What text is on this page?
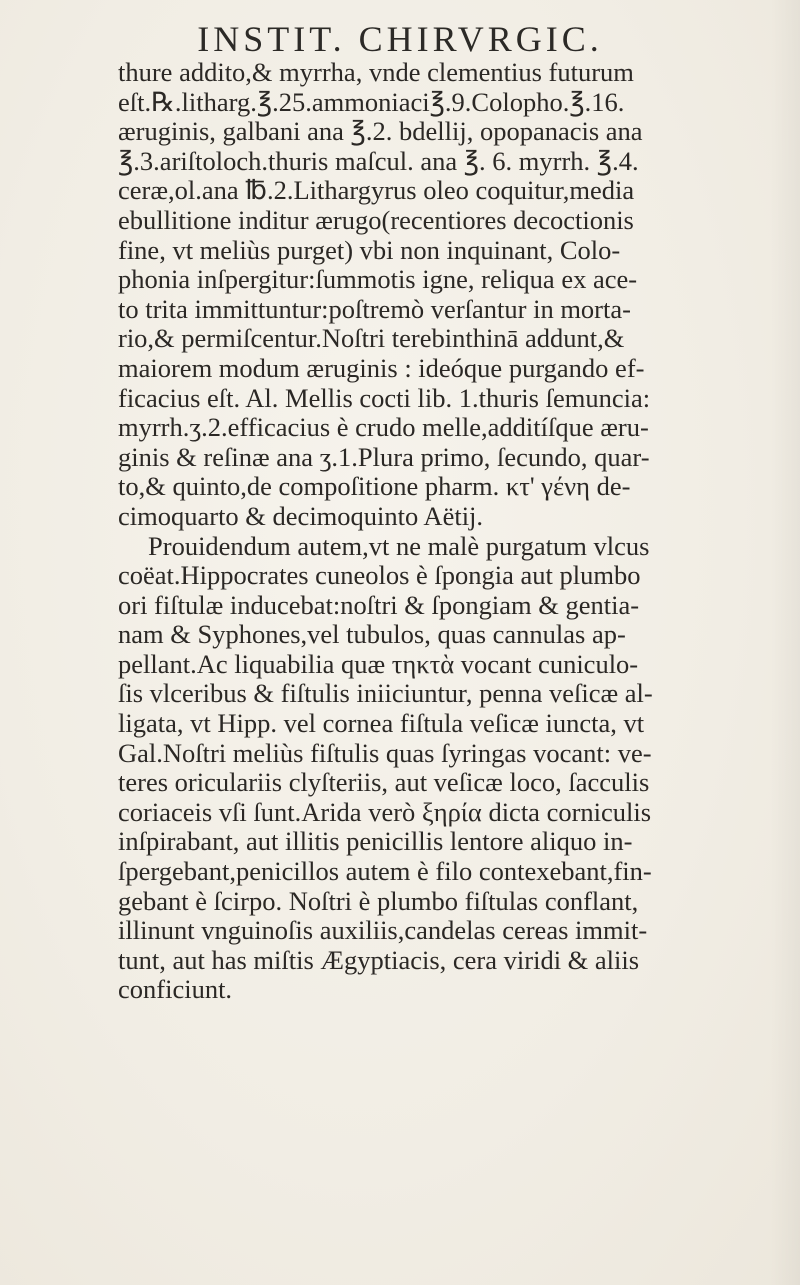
INSTIT. CHIRVRGIC.
thure addito,& myrrha, vnde clementius futurum
eſt.℞.litharg.℥.25.ammoniaci℥.9.Colopho.℥.16.
æruginis, galbani ana ℥.2. bdellij, opopanacis ana
℥.3.ariſtoloch.thuris maſcul. ana ℥. 6. myrrh. ℥.4.
ceræ,ol.ana ℔.2.Lithargyrus oleo coquitur,media
ebullitione inditur ærugo(recentiores decoctionis
fine, vt meliùs purget) vbi non inquinant, Colo-
phonia inſpergitur:ſummotis igne, reliqua ex ace-
to trita immittuntur:poſtremò verſantur in morta-
rio,& permiſcentur.Noſtri terebinthinā addunt,&
maiorem modum æruginis : ideóque purgando ef-
ficacius eſt. Al. Mellis cocti lib. 1.thuris ſemuncia:
myrrh.ʒ.2.efficacius è crudo melle,additíſque æru-
ginis & reſinæ ana ʒ.1.Plura primo, ſecundo, quar-
to,& quinto,de compoſitione pharm. κτ' γένη de-
cimoquarto & decimoquinto Aëtij.
Prouidendum autem,vt ne malè purgatum vlcus
coëat.Hippocrates cuneolos è ſpongia aut plumbo
ori fiſtulæ inducebat:noſtri & ſpongiam & gentia-
nam & Syphones,vel tubulos, quas cannulas ap-
pellant.Ac liquabilia quæ τηκτὰ vocant cuniculo-
ſis vlceribus & fiſtulis iniiciuntur, penna veſicæ al-
ligata, vt Hipp. vel cornea fiſtula veſicæ iuncta, vt
Gal.Noſtri meliùs fiſtulis quas ſyringas vocant: ve-
teres oriculariis clyſteriis, aut veſicæ loco, ſacculis
coriaceis vſi ſunt.Arida verò ξηρία dicta corniculis
inſpirabant, aut illitis penicillis lentore aliquo in-
ſpergebant,penicillos autem è filo contexebant,fin-
gebant è ſcirpo. Noſtri è plumbo fiſtulas conflant,
illinunt vnguinoſis auxiliis,candelas cereas immit-
tunt, aut has miſtis Ægyptiacis, cera viridi & aliis
conficiunt.
